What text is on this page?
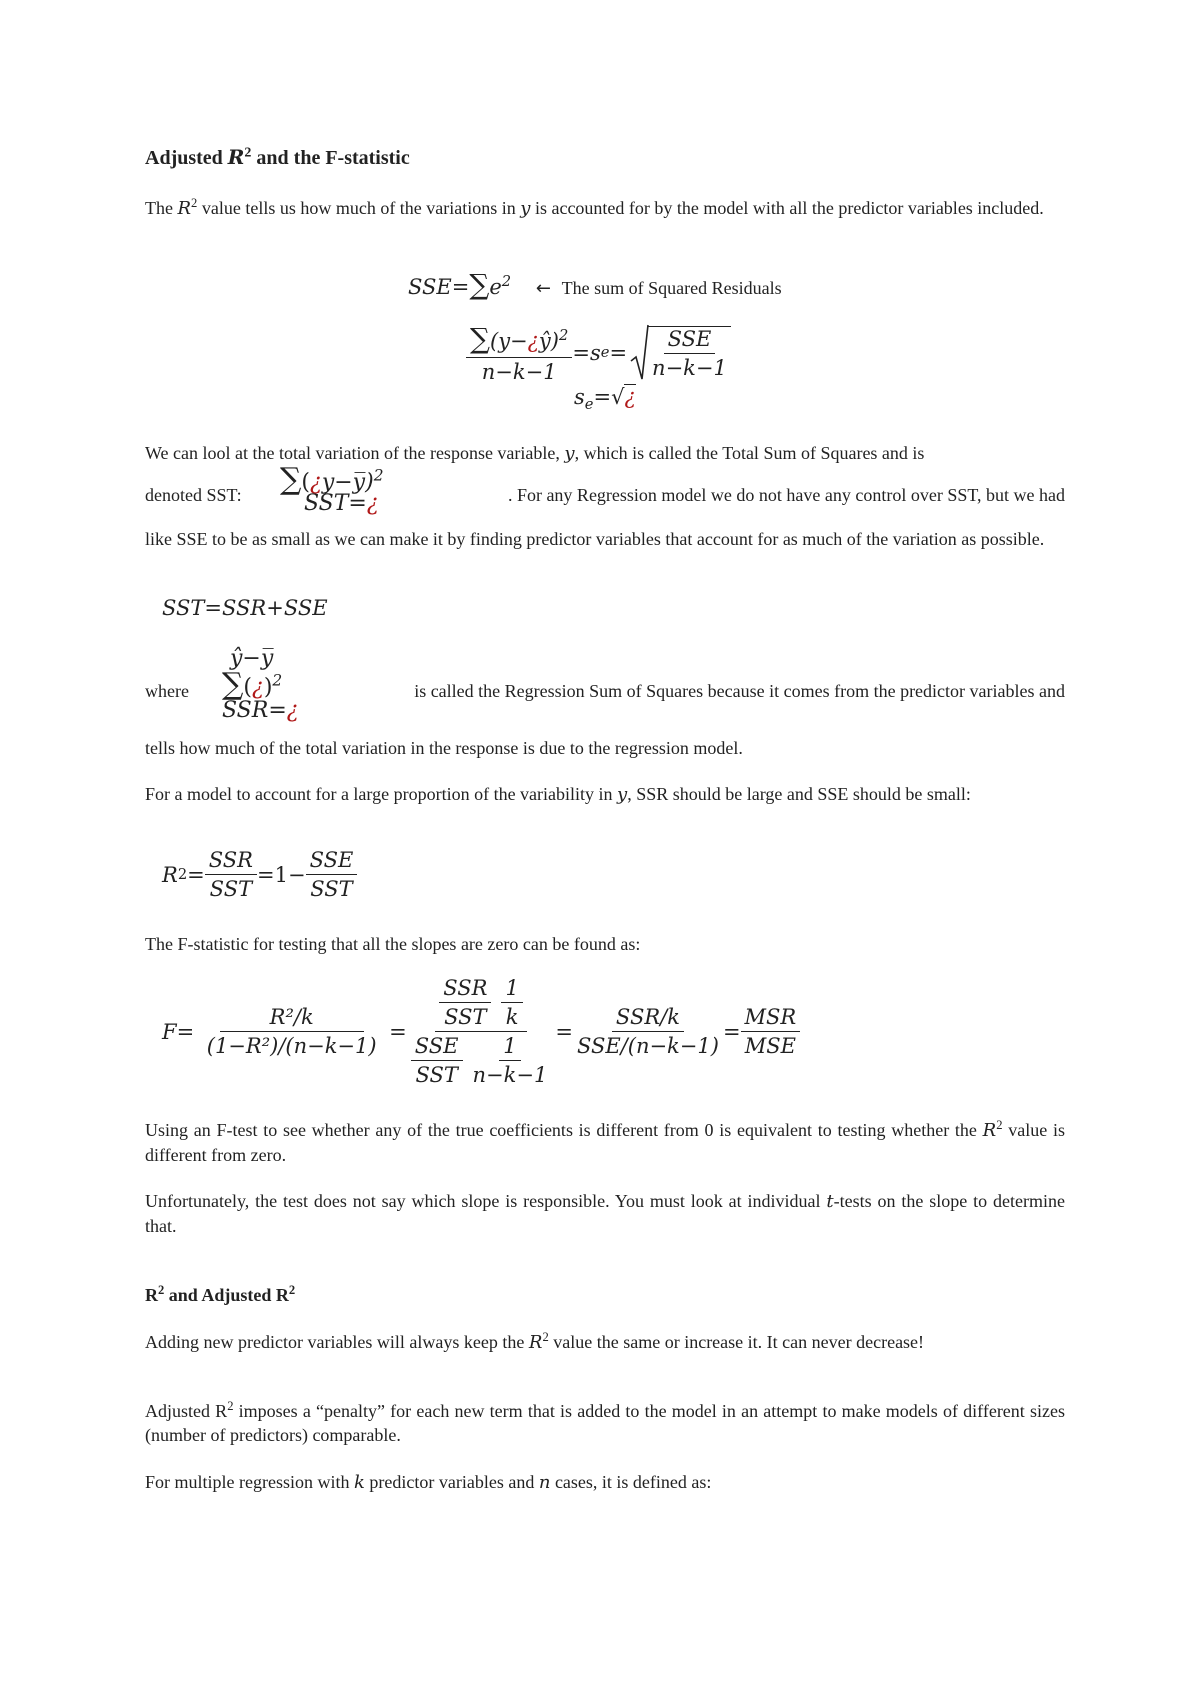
Adjusted $R^2$ and the F-statistic
The $R^2$ value tells us how much of the variations in y is accounted for by the model with all the predictor variables included.
$SSE=\sum e^2$ ← The sum of Squared Residuals
$\frac{\sum(y-¿ŷ)^2}{n-k-1} = s$ $e = \frac{\text{SSE}}{n-k-1}$
$s_e=√¿$
We can lool at the total variation of the response variable, y, which is called the Total Sum of Squares and is
denoted SST: ∑(¿y−y̅)$^2$
SST=¿	. For any Regression model we do not have any control over SST, but we had
like SSE to be as small as we can make it by finding predictor variables that account for as much of the variation as possible.
SST=SSR+SSE
where
ŷ−y̅
∑(¿)$^2$
SSR=¿
is called the Regression Sum of Squares because it comes from the predictor variables and
tells how much of the total variation in the response is due to the regression model.
For a model to account for a large proportion of the variability in y, SSR should be large and SSE should be small:
R $2 = \frac{\text{SSR}}{\text{SST}} =1- \frac{\text{SSE}}{\text{SST}}$
The F-statistic for testing that all the slopes are zero can be found as:
$F= \frac{\text{R²/k}}{\text{(1−R²)/(n−k−1)}} = \frac{\frac{\text{SSR}}{\text{SST}} \frac{1}{k}}{\frac{\text{SSE}}{\text{SST}} \frac{1}{n-k-1}} = \frac{\text{SSR/k}}{\text{SSE/(n−k−1)}} = \frac{\text{MSR}}{\text{MSE}}$
Using an F-test to see whether any of the true coefficients is different from 0 is equivalent to testing whether the $R^2$ value is different from zero.
Unfortunately, the test does not say which slope is responsible. You must look at individual t-tests on the slope to determine that.
$R^2$ and Adjusted $R^2$
Adding new predictor variables will always keep the $R^2$ value the same or increase it. It can never decrease!
Adjusted $R^2$ imposes a “penalty” for each new term that is added to the model in an attempt to make models of different sizes (number of predictors) comparable.
For multiple regression with k predictor variables and n cases, it is defined as:
